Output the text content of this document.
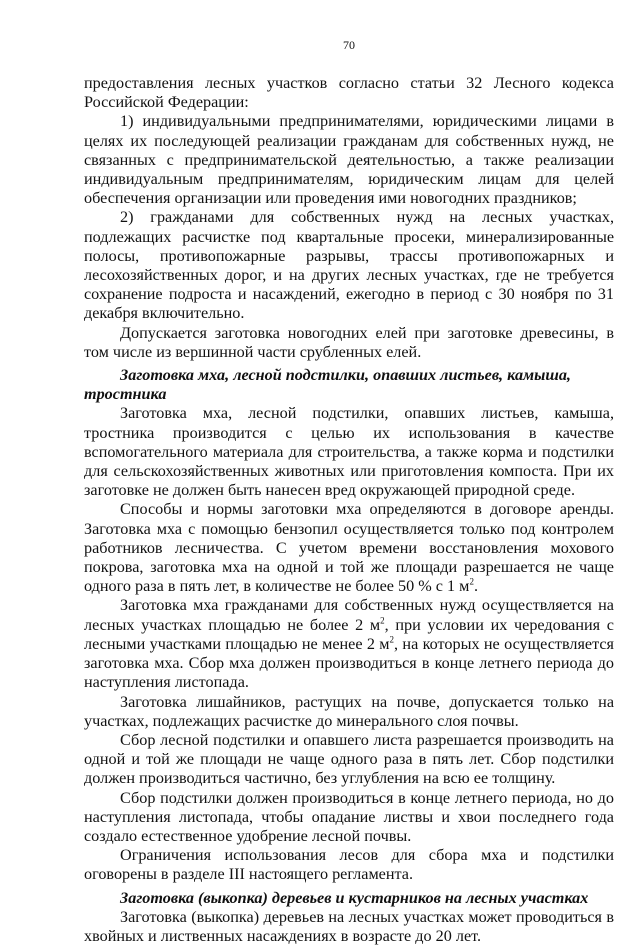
70

предоставления лесных участков согласно статьи 32 Лесного кодекса Российской Федерации:

1) индивидуальными предпринимателями, юридическими лицами в целях их последующей реализации гражданам для собственных нужд, не связанных с предпринимательской деятельностью, а также реализации индивидуальным предпринимателям, юридическим лицам для целей обеспечения организации или проведения ими новогодних праздников;

2) гражданами для собственных нужд на лесных участках, подлежащих расчистке под квартальные просеки, минерализированные полосы, противопожарные разрывы, трассы противопожарных и лесохозяйственных дорог, и на других лесных участках, где не требуется сохранение подроста и насаждений, ежегодно в период с 30 ноября по 31 декабря включительно.

Допускается заготовка новогодних елей при заготовке древесины, в том числе из вершинной части срубленных елей.

Заготовка мха, лесной подстилки, опавших листьев, камыша, тростника

Заготовка мха, лесной подстилки, опавших листьев, камыша, тростника производится с целью их использования в качестве вспомогательного материала для строительства, а также корма и подстилки для сельскохозяйственных животных или приготовления компоста. При их заготовке не должен быть нанесен вред окружающей природной среде.

Способы и нормы заготовки мха определяются в договоре аренды. Заготовка мха с помощью бензопил осуществляется только под контролем работников лесничества. С учетом времени восстановления мохового покрова, заготовка мха на одной и той же площади разрешается не чаще одного раза в пять лет, в количестве не более 50 % с 1 $м^2$.

Заготовка мха гражданами для собственных нужд осуществляется на лесных участках площадью не более 2 $м^2$, при условии их чередования с лесными участками площадью не менее 2 $м^2$, на которых не осуществляется заготовка мха. Сбор мха должен производиться в конце летнего периода до наступления листопада.

Заготовка лишайников, растущих на почве, допускается только на участках, подлежащих расчистке до минерального слоя почвы.

Сбор лесной подстилки и опавшего листа разрешается производить на одной и той же площади не чаще одного раза в пять лет. Сбор подстилки должен производиться частично, без углубления на всю ее толщину.

Сбор подстилки должен производиться в конце летнего периода, но до наступления листопада, чтобы опадание листвы и хвои последнего года создало естественное удобрение лесной почвы.

Ограничения использования лесов для сбора мха и подстилки оговорены в разделе III настоящего регламента.

Заготовка (выкопка) деревьев и кустарников на лесных участках

Заготовка (выкопка) деревьев на лесных участках может проводиться в хвойных и лиственных насаждениях в возрасте до 20 лет.
